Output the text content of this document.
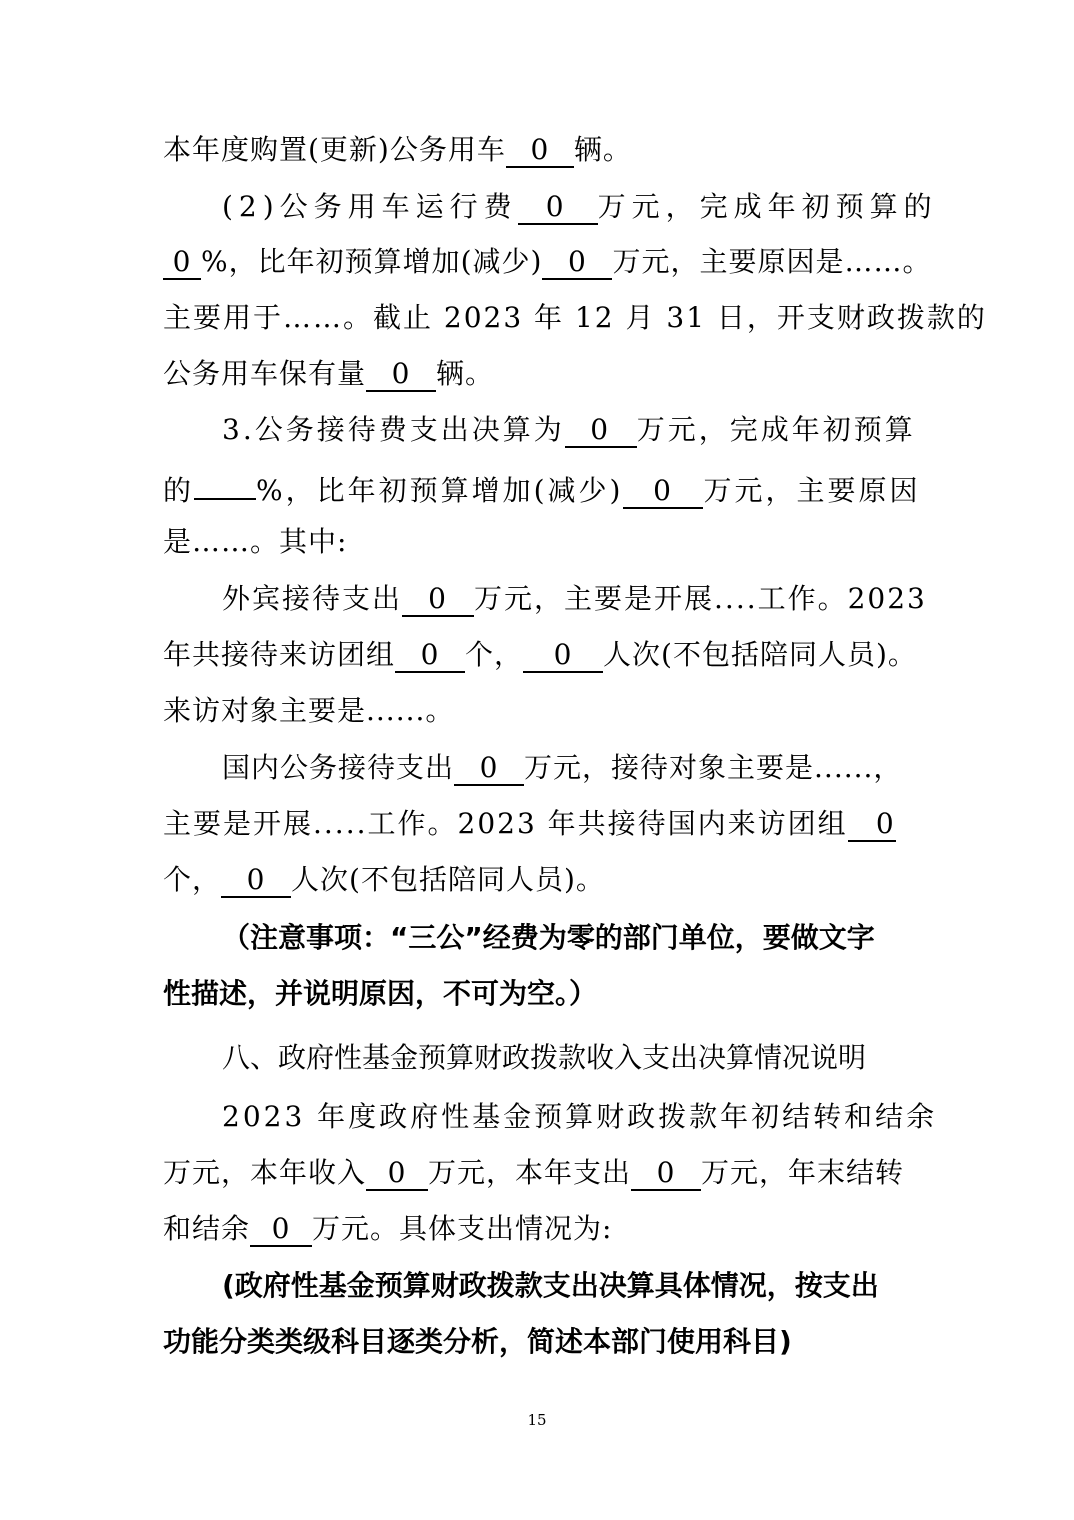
本年度购置(更新)公务用车 0 辆。
(2)公务用车运行费 0 万元，完成年初预算的
0 %，比年初预算增加(减少) 0 万元，主要原因是……。
主要用于……。截止 2023 年 12 月 31 日，开支财政拨款的
公务用车保有量 0 辆。
3.公务接待费支出决算为 0 万元，完成年初预算
的 %，比年初预算增加(减少) 0 万元，主要原因
是……。其中:
外宾接待支出 0 万元，主要是开展....工作。2023
年共接待来访团组 0 个， 0 人次(不包括陪同人员)。
来访对象主要是......。
国内公务接待支出 0 万元，接待对象主要是......，
主要是开展.....工作。2023 年共接待国内来访团组 0
个， 0 人次(不包括陪同人员)。
（注意事项：“三公”经费为零的部门单位，要做文字
性描述，并说明原因，不可为空。）
八、政府性基金预算财政拨款收入支出决算情况说明
2023 年度政府性基金预算财政拨款年初结转和结余
万元，本年收入 0 万元，本年支出 0 万元，年末结转
和结余 0 万元。具体支出情况为:
(政府性基金预算财政拨款支出决算具体情况，按支出
功能分类类级科目逐类分析，简述本部门使用科目)
15
